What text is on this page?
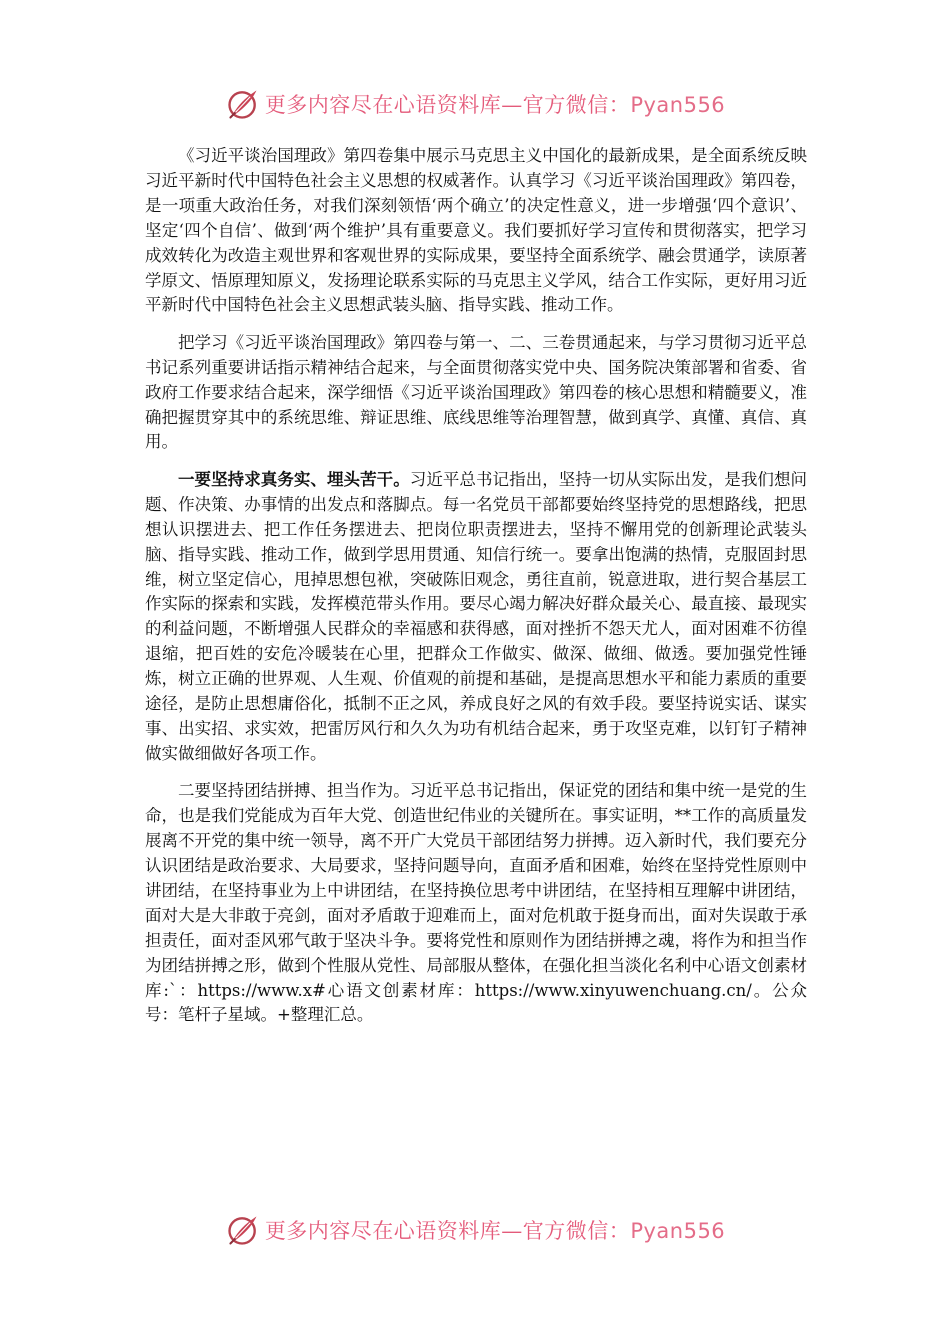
更多内容尽在心语资料库—官方微信：Pyan556

《习近平谈治国理政》第四卷集中展示马克思主义中国化的最新成果，是全面系统反映习近平新时代中国特色社会主义思想的权威著作。认真学习《习近平谈治国理政》第四卷，是一项重大政治任务，对我们深刻领悟‘两个确立’的决定性意义，进一步增强‘四个意识’、坚定‘四个自信’、做到‘两个维护’具有重要意义。我们要抓好学习宣传和贯彻落实，把学习成效转化为改造主观世界和客观世界的实际成果，要坚持全面系统学、融会贯通学，读原著学原文、悟原理知原义，发扬理论联系实际的马克思主义学风，结合工作实际，更好用习近平新时代中国特色社会主义思想武装头脑、指导实践、推动工作。

把学习《习近平谈治国理政》第四卷与第一、二、三卷贯通起来，与学习贯彻习近平总书记系列重要讲话指示精神结合起来，与全面贯彻落实党中央、国务院决策部署和省委、省政府工作要求结合起来，深学细悟《习近平谈治国理政》第四卷的核心思想和精髓要义，准确把握贯穿其中的系统思维、辩证思维、底线思维等治理智慧，做到真学、真懂、真信、真用。

一要坚持求真务实、埋头苦干。习近平总书记指出，坚持一切从实际出发，是我们想问题、作决策、办事情的出发点和落脚点。每一名党员干部都要始终坚持党的思想路线，把思想认识摆进去、把工作任务摆进去、把岗位职责摆进去，坚持不懈用党的创新理论武装头脑、指导实践、推动工作，做到学思用贯通、知信行统一。要拿出饱满的热情，克服固封思维，树立坚定信心，甩掉思想包袱，突破陈旧观念，勇往直前，锐意进取，进行契合基层工作实际的探索和实践，发挥模范带头作用。要尽心竭力解决好群众最关心、最直接、最现实的利益问题，不断增强人民群众的幸福感和获得感，面对挫折不怨天尤人，面对困难不彷徨退缩，把百姓的安危冷暖装在心里，把群众工作做实、做深、做细、做透。要加强党性锤炼，树立正确的世界观、人生观、价值观的前提和基础，是提高思想水平和能力素质的重要途径，是防止思想庸俗化，抵制不正之风，养成良好之风的有效手段。要坚持说实话、谋实事、出实招、求实效，把雷厉风行和久久为功有机结合起来，勇于攻坚克难，以钉钉子精神做实做细做好各项工作。

二要坚持团结拼搏、担当作为。习近平总书记指出，保证党的团结和集中统一是党的生命，也是我们党能成为百年大党、创造世纪伟业的关键所在。事实证明，**工作的高质量发展离不开党的集中统一领导，离不开广大党员干部团结努力拼搏。迈入新时代，我们要充分认识团结是政治要求、大局要求，坚持问题导向，直面矛盾和困难，始终在坚持党性原则中讲团结，在坚持事业为上中讲团结，在坚持换位思考中讲团结，在坚持相互理解中讲团结，面对大是大非敢于亮剑，面对矛盾敢于迎难而上，面对危机敢于挺身而出，面对失误敢于承担责任，面对歪风邪气敢于坚决斗争。要将党性和原则作为团结拼搏之魂，将作为和担当作为团结拼搏之形，做到个性服从党性、局部服从整体，在强化担当淡化名利中心语文创素材库:`：https://www.x#心语文创素材库：https://www.xinyuwenchuang.cn/。公众号：笔杆子星域。+整理汇总。

更多内容尽在心语资料库—官方微信：Pyan556
